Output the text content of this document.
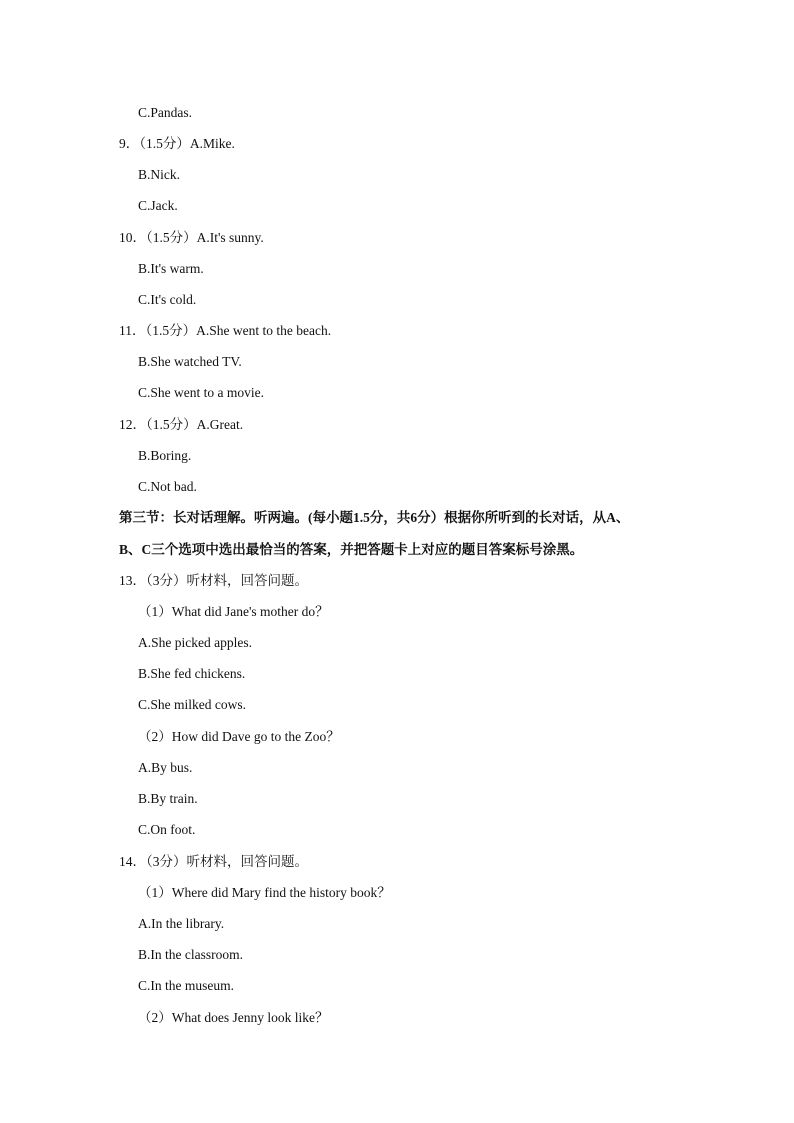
C.Pandas.
9．（1.5分）A.Mike.
B.Nick.
C.Jack.
10．（1.5分）A.It's sunny.
B.It's warm.
C.It's cold.
11．（1.5分）A.She went to the beach.
B.She watched TV.
C.She went to a movie.
12．（1.5分）A.Great.
B.Boring.
C.Not bad.
第三节：长对话理解。听两遍。(每小题1.5分，共6分）根据你所听到的长对话，从A、
B、C三个选项中选出最恰当的答案，并把答题卡上对应的题目答案标号涂黑。
13．（3分）听材料，回答问题。
（1）What did Jane's mother do？
A.She picked apples.
B.She fed chickens.
C.She milked cows.
（2）How did Dave go to the Zoo？
A.By bus.
B.By train.
C.On foot.
14．（3分）听材料，回答问题。
（1）Where did Mary find the history book？
A.In the library.
B.In the classroom.
C.In the museum.
（2）What does Jenny look like？
